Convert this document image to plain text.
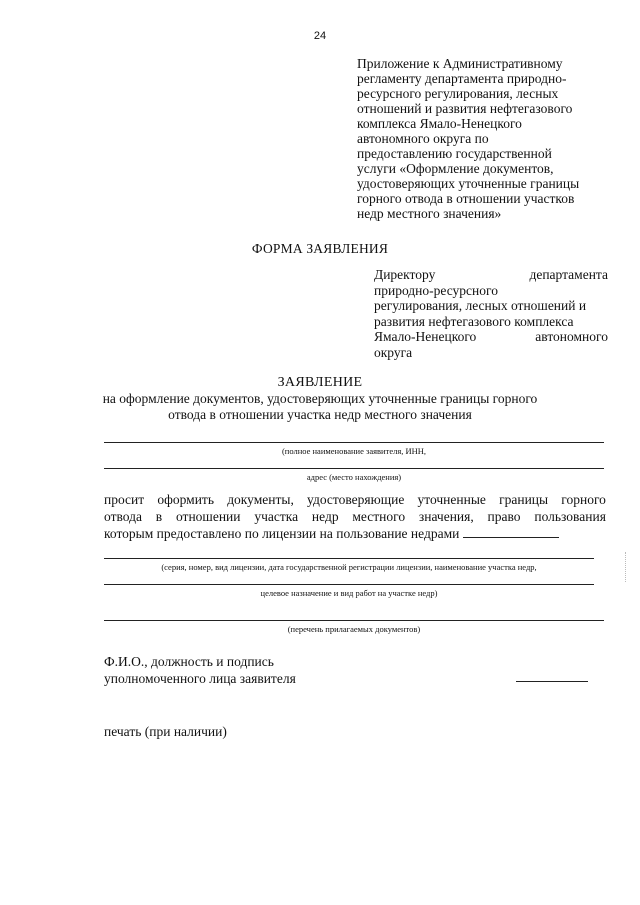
24
Приложение к Административному
регламенту департамента природно-
ресурсного регулирования, лесных
отношений и развития нефтегазового
комплекса Ямало-Ненецкого
автономного округа по
предоставлению государственной
услуги «Оформление документов,
удостоверяющих уточненные границы
горного отвода в отношении участков
недр местного значения»
ФОРМА ЗАЯВЛЕНИЯ
Директору	департамента
природно-ресурсного
регулирования, лесных отношений и
развития нефтегазового комплекса
Ямало-Ненецкого	автономного
округа
ЗАЯВЛЕНИЕ
на оформление документов, удостоверяющих уточненные границы горного
отвода в отношении участка недр местного значения
(полное наименование заявителя, ИНН,
адрес (место нахождения)
просит оформить документы, удостоверяющие уточненные границы горного
отвода в отношении участка недр местного значения, право пользования
которым предоставлено по лицензии на пользование недрами
(серия, номер, вид лицензии, дата государственной регистрации лицензии, наименование участка недр,
целевое назначение и вид работ на участке недр)
(перечень прилагаемых документов)
Ф.И.О., должность и подпись
уполномоченного лица заявителя
печать (при наличии)
